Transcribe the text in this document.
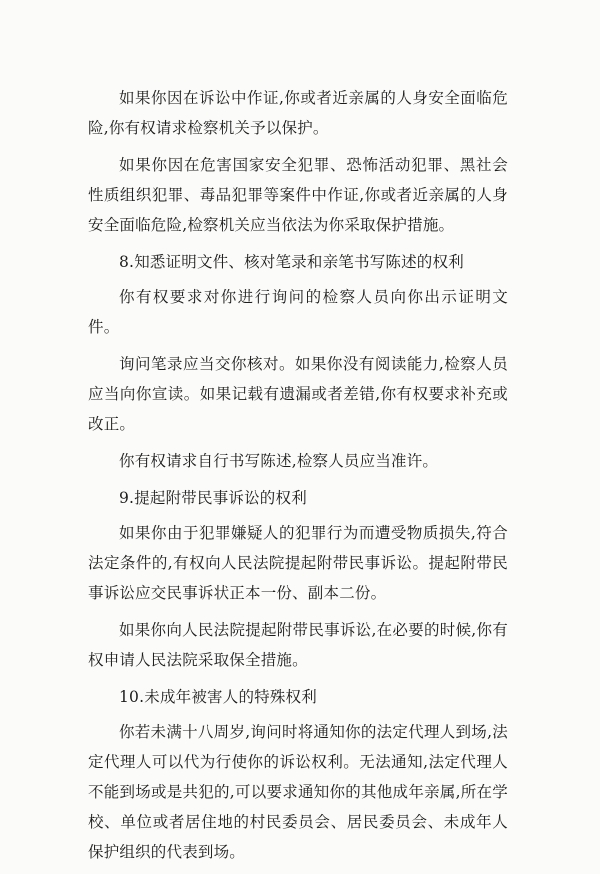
如果你因在诉讼中作证,你或者近亲属的人身安全面临危险,你有权请求检察机关予以保护。

如果你因在危害国家安全犯罪、恐怖活动犯罪、黑社会性质组织犯罪、毒品犯罪等案件中作证,你或者近亲属的人身安全面临危险,检察机关应当依法为你采取保护措施。

8.知悉证明文件、核对笔录和亲笔书写陈述的权利

你有权要求对你进行询问的检察人员向你出示证明文件。

询问笔录应当交你核对。如果你没有阅读能力,检察人员应当向你宣读。如果记载有遗漏或者差错,你有权要求补充或改正。

你有权请求自行书写陈述,检察人员应当准许。

9.提起附带民事诉讼的权利

如果你由于犯罪嫌疑人的犯罪行为而遭受物质损失,符合法定条件的,有权向人民法院提起附带民事诉讼。提起附带民事诉讼应交民事诉状正本一份、副本二份。

如果你向人民法院提起附带民事诉讼,在必要的时候,你有权申请人民法院采取保全措施。

10.未成年被害人的特殊权利

你若未满十八周岁,询问时将通知你的法定代理人到场,法定代理人可以代为行使你的诉讼权利。无法通知,法定代理人不能到场或是共犯的,可以要求通知你的其他成年亲属,所在学校、单位或者居住地的村民委员会、居民委员会、未成年人保护组织的代表到场。
